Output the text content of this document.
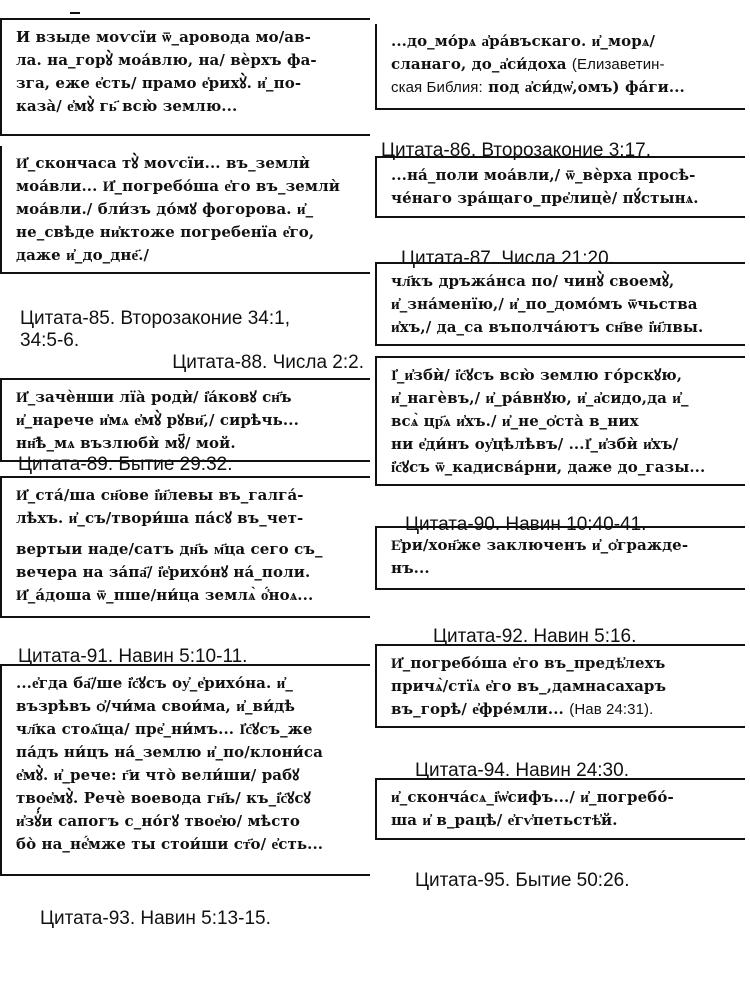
И взыде моѵсїи ѿ_ароводa мо/ав-
лa. на_горꙋ̀ моа́влю, на/ вѐрхъ фа-
зга, еже е҆сть/ прамо е҆рихꙋ̀. и҆_по-
каза̀/ е҆мꙋ̀ гь҃ всю̀ землю...
И҆_скончаса тꙋ̀ моѵсїи... въ_землѝ
моа́вли... И҆_погребо́ша е҆го въ_землѝ
моа́вли./ бли́зъ до́мꙋ фогорова. и҆_
не_свѣде ни҆ктоже погребенїа е҆го,
даже и҆_до_дне҃./

Цитата-85. Второзаконие 34:1,
34:5-6.

Цитата-88. Числа 2:2.

И҆_зачѐнши лїа̀ родѝ/ і҆а́ковꙋ сн҃ъ
и҆_нарече и҆мѧ е҆мꙋ̀ рꙋви҃,/ сирѣчь...
нн҃ѣ_мѧ възлюбѝ мꙋ҃/ мой.

Цитата-89. Бытие 29:32.

И҆_ста́/ша сн҃ове і҆и҃левы въ_галга́-
лѣхъ. и҆_съ/твори́ша па́сꙋ въ_чет-
вертыи наде/сатъ дн҃ь м҃ца сего съ_
вечера на за́па҃/ і҆е҆рихо́нꙋ на́_поли.
И҆_а́доша ѿ_пше/ни́ца землѧ̀ о҆́ноѧ...

Цитата-91. Навин 5:10-11.

...е҆гда ба҃/ше і҆с҃ꙋсъ оу҆_е҆рихо́на. и҆_
възрѣвъ ѻ҆/чи́ма свои́ма, и҆_ви́дѣ
чл҃ка стоѧ҃ща/ пре҆_ни́мъ... І҆с҃ꙋсъ_же
па́дъ ни́цъ на́_землю и҆_по/клони́са
е҆мꙋ̀. и҆_рече: г҃и что̀ вели́ши/ рабꙋ
твое҆мꙋ̀. Речѐ воевода гн҃ь/ къ_і҆с҃ꙋсꙋ
и҆зꙋ҆́и сапогъ с_но́гꙋ твое҆ю/ мѣсто
бо̀ на_не҆́мже ты стои́ши ст҃о/ е҆сть...

Цитата-93. Навин 5:13-15.

...до_мо́рѧ а҆ра́въскаго. и҆_морѧ/
сланаго, до_а҆си́доха (Елизаветин-
ская Библия: под а҆си́дѡ҆,омъ) фа́ги...

Цитата-86. Второзаконие 3:17.

...на́_поли моа́вли,/ ѿ_вѐрха просѣ-
че́наго зра́щаго_пре҆лицѐ/ пꙋ́стынѧ.

Цитата-87. Числа 21:20.

чл҃къ дръжа́нса по/ чинꙋ̀ своемꙋ̀,
и҆_зна́менїю,/ и҆_по_домо́мъ ѿчьства
и҆хъ,/ да_са въполча́ютъ сн҃ве і҆и҃лвы.
І҆_и҆збѝ/ і҆с҃ꙋсъ всю̀ землю го́рскꙋю,
и҆_нагѐвъ,/ и҆_ра́внꙋю, и҆_а҆сидо,да и҆_
всѧ̀ цр҃ѧ и҆хъ./ и҆_не_ѻ҆ста̀ в_них
ни е҆ди́нъ оу҆цѣлѣвъ/ ...І҆_и҆збѝ и҆хъ/
і҆с҃ꙋсъ ѿ_кадисва́рни, даже до_газы...

Цитата-90. Навин 10:40-41.

Е҆ри/хон҃же заключенъ и҆_ѻ҆гражде-
нъ...

Цитата-92. Навин 5:16.

И҆_погребо́ша е҆го въ_предѣ҆лехъ
причѧ̀/стїѧ е҆го въ_,дамнасахаръ
въ_горѣ/ е҆фре́мли... (Нав 24:31).

Цитата-94. Навин 24:30.

и҆_сконча́сѧ_і҆ѡ҆сифъ.../ и҆_погребо́-
ша и҆ в_рацѣ/ е҆гѵ҆петьстѣ҆й.

Цитата-95. Бытие 50:26.
